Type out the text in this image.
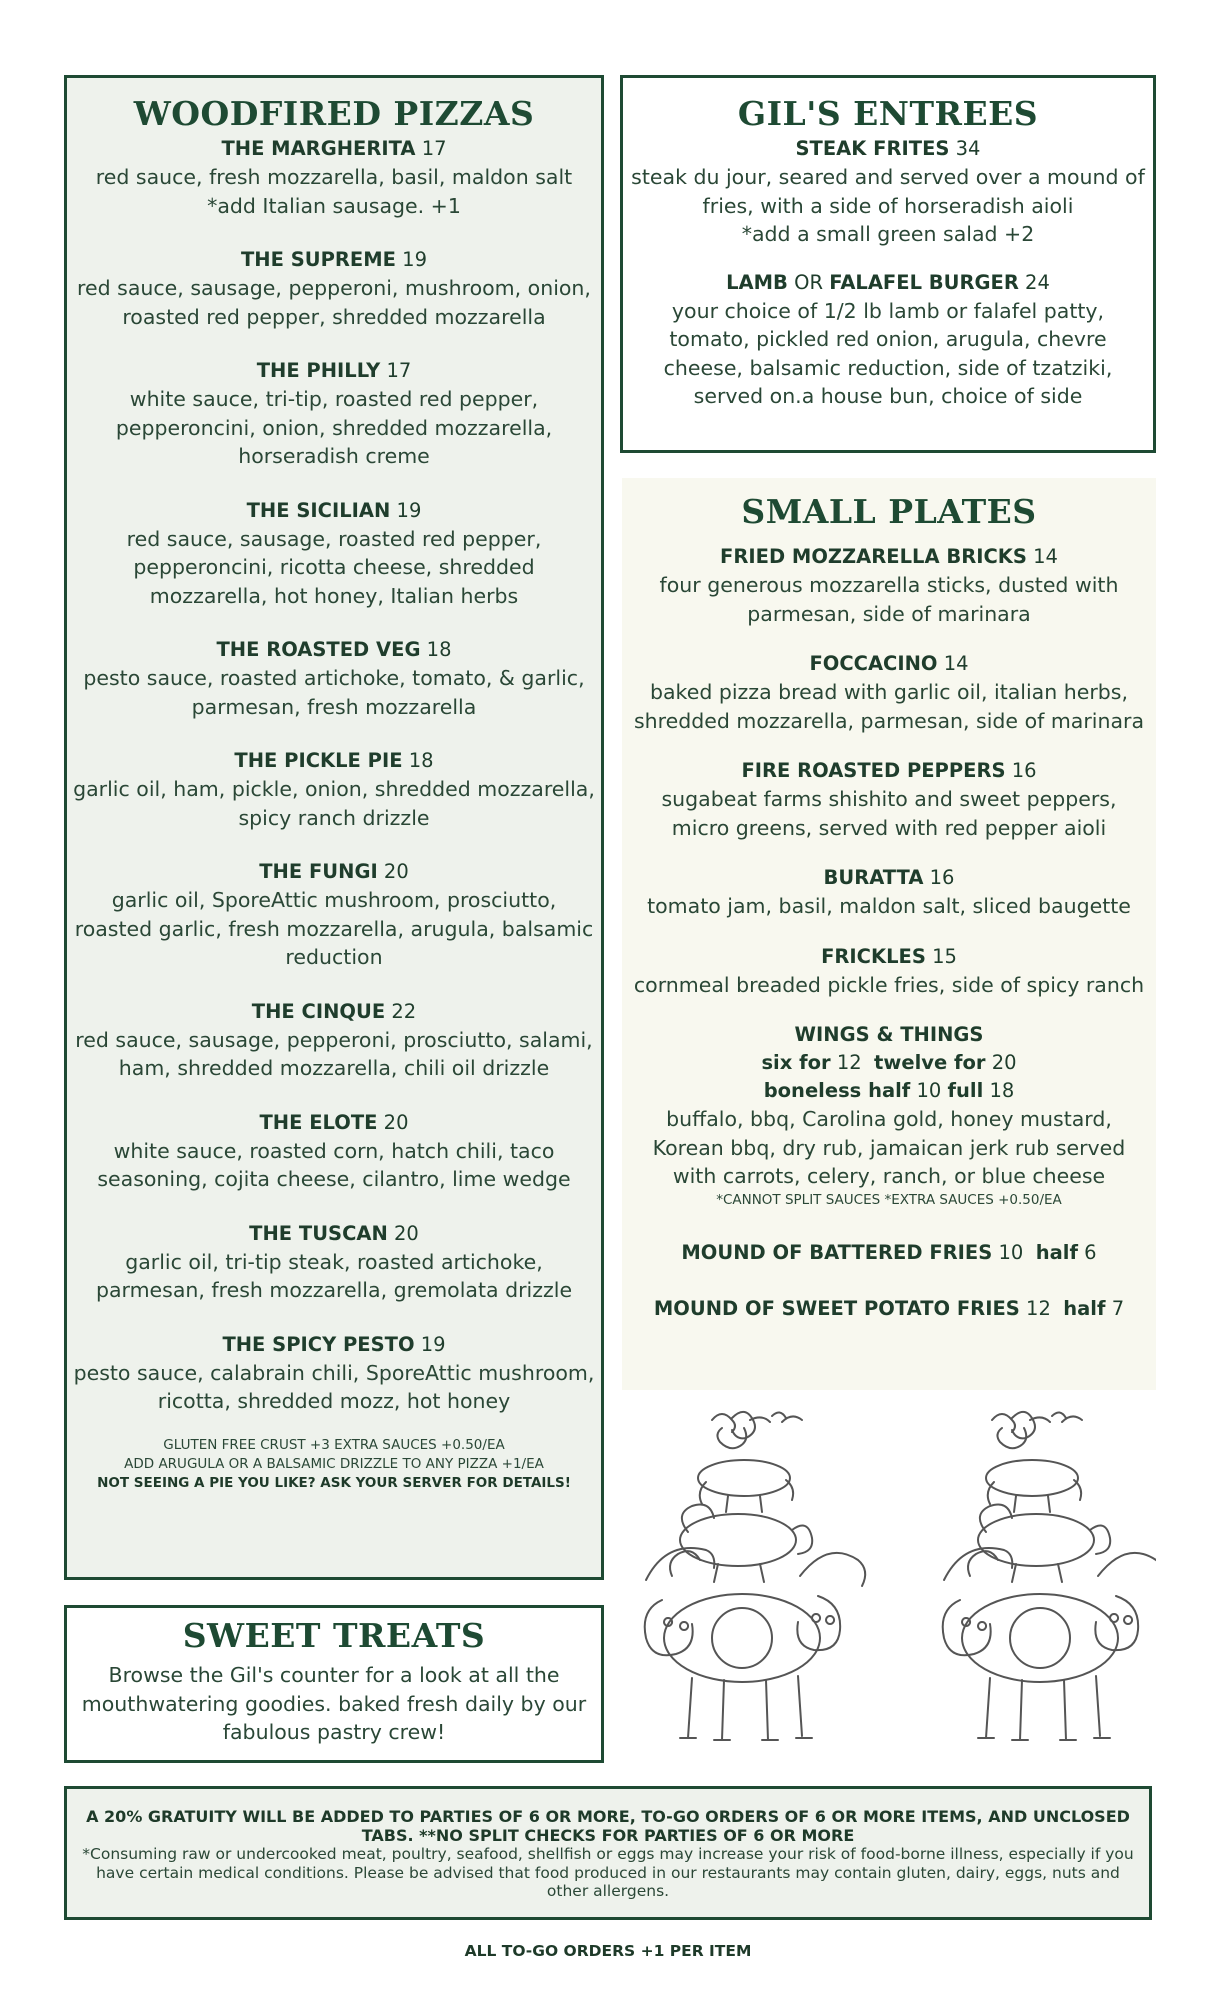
WOODFIRED PIZZAS
THE MARGHERITA 17
red sauce, fresh mozzarella, basil, maldon salt
*add Italian sausage. +1
THE SUPREME 19
red sauce, sausage, pepperoni, mushroom, onion, roasted red pepper, shredded mozzarella
THE PHILLY 17
white sauce, tri-tip, roasted red pepper, pepperoncini, onion, shredded mozzarella, horseradish creme
THE SICILIAN 19
red sauce, sausage, roasted red pepper, pepperoncini, ricotta cheese, shredded mozzarella, hot honey, Italian herbs
THE ROASTED VEG 18
pesto sauce, roasted artichoke, tomato, & garlic, parmesan, fresh mozzarella
THE PICKLE PIE 18
garlic oil, ham, pickle, onion, shredded mozzarella, spicy ranch drizzle
THE FUNGI 20
garlic oil, SporeAttic mushroom, prosciutto, roasted garlic, fresh mozzarella, arugula, balsamic reduction
THE CINQUE 22
red sauce, sausage, pepperoni, prosciutto, salami, ham, shredded mozzarella, chili oil drizzle
THE ELOTE 20
white sauce, roasted corn, hatch chili, taco seasoning, cojita cheese, cilantro, lime wedge
THE TUSCAN 20
garlic oil, tri-tip steak, roasted artichoke, parmesan, fresh mozzarella, gremolata drizzle
THE SPICY PESTO 19
pesto sauce, calabrain chili, SporeAttic mushroom, ricotta, shredded mozz, hot honey
GLUTEN FREE CRUST +3 EXTRA SAUCES +0.50/EA
ADD ARUGULA OR A BALSAMIC DRIZZLE TO ANY PIZZA +1/EA
NOT SEEING A PIE YOU LIKE? ASK YOUR SERVER FOR DETAILS!
GIL'S ENTREES
STEAK FRITES 34
steak du jour, seared and served over a mound of fries, with a side of horseradish aioli
*add a small green salad +2
LAMB OR FALAFEL BURGER 24
your choice of 1/2 lb lamb or falafel patty, tomato, pickled red onion, arugula, chevre cheese, balsamic reduction, side of tzatziki, served on.a house bun, choice of side
SMALL PLATES
FRIED MOZZARELLA BRICKS 14
four generous mozzarella sticks, dusted with parmesan, side of marinara
FOCCACINO 14
baked pizza bread with garlic oil, italian herbs, shredded mozzarella, parmesan, side of marinara
FIRE ROASTED PEPPERS 16
sugabeat farms shishito and sweet peppers, micro greens, served with red pepper aioli
BURATTA 16
tomato jam, basil, maldon salt, sliced baugette
FRICKLES 15
cornmeal breaded pickle fries, side of spicy ranch
WINGS & THINGS
six for 12 twelve for 20
boneless half 10 full 18
buffalo, bbq, Carolina gold, honey mustard, Korean bbq, dry rub, jamaican jerk rub served with carrots, celery, ranch, or blue cheese
*CANNOT SPLIT SAUCES *EXTRA SAUCES +0.50/EA
MOUND OF BATTERED FRIES 10 half 6
MOUND OF SWEET POTATO FRIES 12 half 7
SWEET TREATS
Browse the Gil's counter for a look at all the mouthwatering goodies. baked fresh daily by our fabulous pastry crew!
A 20% GRATUITY WILL BE ADDED TO PARTIES OF 6 OR MORE, TO-GO ORDERS OF 6 OR MORE ITEMS, AND UNCLOSED TABS. **NO SPLIT CHECKS FOR PARTIES OF 6 OR MORE
*Consuming raw or undercooked meat, poultry, seafood, shellfish or eggs may increase your risk of food-borne illness, especially if you have certain medical conditions. Please be advised that food produced in our restaurants may contain gluten, dairy, eggs, nuts and other allergens.
ALL TO-GO ORDERS +1 PER ITEM
